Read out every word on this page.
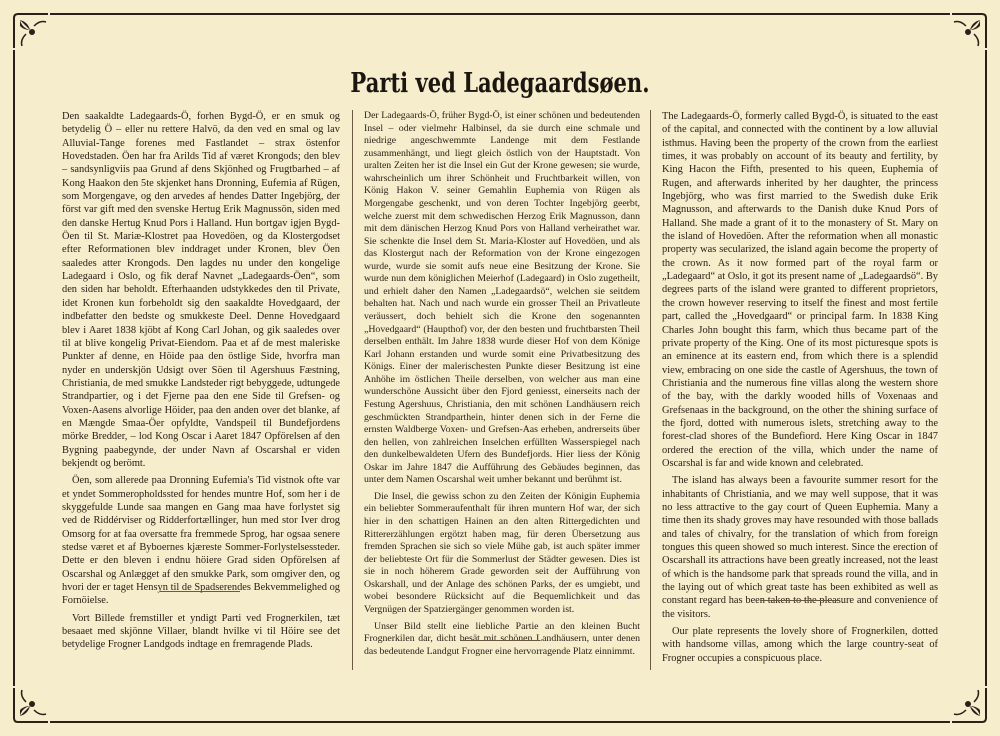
Parti ved Ladegaardsøen.

Den saakaldte Ladegaards-Ö, forhen Bygd-Ö, er en smuk og betydelig Ö – eller nu rettere Halvö, da den ved en smal og lav Alluvial-Tange forenes med Fastlandet – strax östenfor Hovedstaden. Öen har fra Arilds Tid af været Krongods; den blev – sandsynligviis paa Grund af dens Skjönhed og Frugtbarhed – af Kong Haakon den 5te skjenket hans Dronning, Eufemia af Rügen, som Morgengave, og den arvedes af hendes Datter Ingebjörg, der först var gift med den svenske Hertug Erik Magnussön, siden med den danske Hertug Knud Pors i Halland. Hun bortgav igjen Bygd-Öen til St. Mariæ-Klostret paa Hovedöen, og da Klostergodset efter Reformationen blev inddraget under Kronen, blev Öen saaledes atter Krongods. Den lagdes nu under den kongelige Ladegaard i Oslo, og fik deraf Navnet „Ladegaards-Öen“, som den siden har beholdt. Efterhaanden udstykkedes den til Private, idet Kronen kun forbeholdt sig den saakaldte Hovedgaard, der indbefatter den bedste og smukkeste Deel. Denne Hovedgaard blev i Aaret 1838 kjöbt af Kong Carl Johan, og gik saaledes over til at blive kongelig Privat-Eiendom. Paa et af de mest maleriske Punkter af denne, en Höide paa den östlige Side, hvorfra man nyder en underskjön Udsigt over Söen til Agershuus Fæstning, Christiania, de med smukke Landsteder rigt bebyggede, udtungede Strandpartier, og i det Fjerne paa den ene Side til Grefsen- og Voxen-Aasens alvorlige Höider, paa den anden over det blanke, af en Mængde Smaa-Öer opfyldte, Vandspeil til Bundefjordens mörke Bredder, – lod Kong Oscar i Aaret 1847 Opförelsen af den Bygning paabegynde, der under Navn af Oscarshal er viden bekjendt og berömt.

Öen, som allerede paa Dronning Eufemia's Tid vistnok ofte var et yndet Sommeropholdssted for hendes muntre Hof, som her i de skyggefulde Lunde saa mangen en Gang maa have forlystet sig ved de Riddérviser og Ridderfortællinger, hun med stor Iver drog Omsorg for at faa oversatte fra fremmede Sprog, har ogsaa senere stedse været et af Byboernes kjæreste Sommer-Forlystelsessteder. Dette er den bleven i endnu höiere Grad siden Opförelsen af Oscarshal og Anlægget af den smukke Park, som omgiver den, og hvori der er taget Hensyn til de Spadserendes Bekvemmelighed og Fornöielse.

Vort Billede fremstiller et yndigt Parti ved Frognerkilen, tæt besaaet med skjönne Villaer, blandt hvilke vi til Höire see det betydelige Frogner Landgods indtage en fremragende Plads.

Der Ladegaards-Ö, früher Bygd-Ö, ist einer schönen und bedeutenden Insel – oder vielmehr Halbinsel, da sie durch eine schmale und niedrige angeschwemmte Landenge mit dem Festlande zusammenhängt, und liegt gleich östlich von der Hauptstadt. Von uralten Zeiten her ist die Insel ein Gut der Krone gewesen; sie wurde, wahrscheinlich um ihrer Schönheit und Fruchtbarkeit willen, von König Hakon V. seiner Gemahlin Euphemia von Rügen als Morgengabe geschenkt, und von deren Tochter Ingebjörg geerbt, welche zuerst mit dem schwedischen Herzog Erik Magnusson, dann mit dem dänischen Herzog Knud Pors von Halland verheirathet war. Sie schenkte die Insel dem St. Maria-Kloster auf Hovedöen, und als das Klostergut nach der Reformation von der Krone eingezogen wurde, wurde sie somit aufs neue eine Besitzung der Krone. Sie wurde nun dem königlichen Meierhof (Ladegaard) in Oslo zugetheilt, und erhielt daher den Namen „Ladegaardsö“, welchen sie seitdem behalten hat. Nach und nach wurde ein grosser Theil an Privatleute veräussert, doch behielt sich die Krone den sogenannten „Hovedgaard“ (Haupthof) vor, der den besten und fruchtbarsten Theil derselben enthält. Im Jahre 1838 wurde dieser Hof von dem Könige Karl Johann erstanden und wurde somit eine Privatbesitzung des Königs. Einer der malerischesten Punkte dieser Besitzung ist eine Anhöhe im östlichen Theile derselben, von welcher aus man eine wunderschöne Aussicht über den Fjord geniesst, einerseits nach der Festung Agershuus, Christiania, den mit schönen Landhäusern reich geschmückten Strandparthein, hinter denen sich in der Ferne die ernsten Waldberge Voxen- und Grefsen-Aas erheben, andrerseits über den hellen, von zahlreichen Inselchen erfüllten Wasserspiegel nach den dunkelbewaldeten Ufern des Bundefjords. Hier liess der König Oskar im Jahre 1847 die Aufführung des Gebäudes beginnen, das unter dem Namen Oscarshal weit umher bekannt und berühmt ist.

Die Insel, die gewiss schon zu den Zeiten der Königin Euphemia ein beliebter Sommeraufenthalt für ihren muntern Hof war, der sich hier in den schattigen Hainen an den alten Rittergedichten und Rittererzählungen ergötzt haben mag, für deren Übersetzung aus fremden Sprachen sie sich so viele Mühe gab, ist auch später immer der beliebteste Ort für die Sommerlust der Städter gewesen. Dies ist sie in noch höherem Grade geworden seit der Aufführung von Oskarshall, und der Anlage des schönen Parks, der es umgiebt, und wobei besondere Rücksicht auf die Bequemlichkeit und das Vergnügen der Spatziergänger genommen worden ist.

Unser Bild stellt eine liebliche Partie an den kleinen Bucht Frognerkilen dar, dicht besät mit schönen Landhäusern, unter denen das bedeutende Landgut Frogner eine hervorragende Platz einnimmt.

The Ladegaards-Ö, formerly called Bygd-Ö, is situated to the east of the capital, and connected with the continent by a low alluvial isthmus. Having been the property of the crown from the earliest times, it was probably on account of its beauty and fertility, by King Hacon the Fifth, presented to his queen, Euphemia of Rugen, and afterwards inherited by her daughter, the princess Ingebjörg, who was first married to the Swedish duke Erik Magnusson, and afterwards to the Danish duke Knud Pors of Halland. She made a grant of it to the monastery of St. Mary on the island of Hovedöen. After the reformation when all monastic property was secularized, the island again become the property of the crown. As it now formed part of the royal farm or „Ladegaard“ at Oslo, it got its present name of „Ladegaardsö“. By degrees parts of the island were granted to different proprietors, the crown however reserving to itself the finest and most fertile part, called the „Hovedgaard“ or principal farm. In 1838 King Charles John bought this farm, which thus became part of the private property of the King. One of its most picturesque spots is an eminence at its eastern end, from which there is a splendid view, embracing on one side the castle of Agershuus, the town of Christiania and the numerous fine villas along the western shore of the bay, with the darkly wooded hills of Voxenaas and Grefsenaas in the background, on the other the shining surface of the fjord, dotted with numerous islets, stretching away to the forest-clad shores of the Bundefiord. Here King Oscar in 1847 ordered the erection of the villa, which under the name of Oscarshal is far and wide known and celebrated.

The island has always been a favourite summer resort for the inhabitants of Christiania, and we may well suppose, that it was no less attractive to the gay court of Queen Euphemia. Many a time then its shady groves may have resounded with those ballads and tales of chivalry, for the translation of which from foreign tongues this queen showed so much interest. Since the erection of Oscarshall its attractions have been greatly increased, not the least of which is the handsome park that spreads round the villa, and in the laying out of which great taste has been exhibited as well as constant regard has been taken to the pleasure and convenience of the visitors.

Our plate represents the lovely shore of Frognerkilen, dotted with handsome villas, among which the large country-seat of Frogner occupies a conspicuous place.
